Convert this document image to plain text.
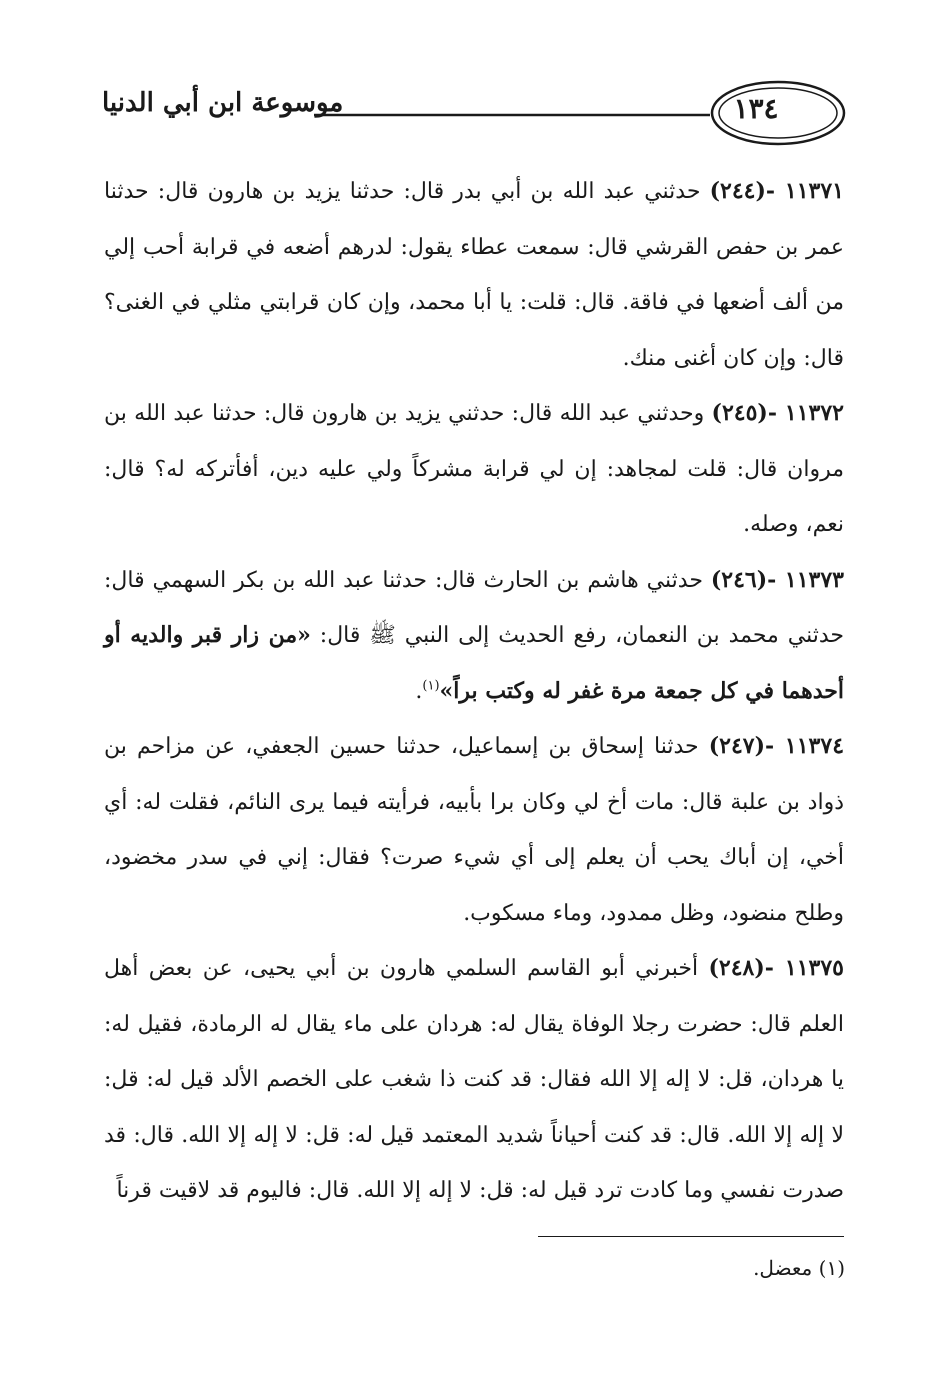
١٣٤
موسوعة ابن أبي الدنيا

١١٣٧١ -(٢٤٤) حدثني عبد الله بن أبي بدر قال: حدثنا يزيد بن هارون قال: حدثنا عمر بن حفص القرشي قال: سمعت عطاء يقول: لدرهم أضعه في قرابة أحب إلي من ألف أضعها في فاقة. قال: قلت: يا أبا محمد، وإن كان قرابتي مثلي في الغنى؟ قال: وإن كان أغنى منك.

١١٣٧٢ -(٢٤٥) وحدثني عبد الله قال: حدثني يزيد بن هارون قال: حدثنا عبد الله بن مروان قال: قلت لمجاهد: إن لي قرابة مشركاً ولي عليه دين، أفأتركه له؟ قال: نعم، وصله.

١١٣٧٣ -(٢٤٦) حدثني هاشم بن الحارث قال: حدثنا عبد الله بن بكر السهمي قال: حدثني محمد بن النعمان، رفع الحديث إلى النبي ﷺ قال: «من زار قبر والديه أو أحدهما في كل جمعة مرة غفر له وكتب براً»$^{(١)}$.

١١٣٧٤ -(٢٤٧) حدثنا إسحاق بن إسماعيل، حدثنا حسين الجعفي، عن مزاحم بن ذواد بن علبة قال: مات أخ لي وكان برا بأبيه، فرأيته فيما يرى النائم، فقلت له: أي أخي، إن أباك يحب أن يعلم إلى أي شيء صرت؟ فقال: إني في سدر مخضود، وطلح منضود، وظل ممدود، وماء مسكوب.

١١٣٧٥ -(٢٤٨) أخبرني أبو القاسم السلمي هارون بن أبي يحيى، عن بعض أهل العلم قال: حضرت رجلا الوفاة يقال له: هردان على ماء يقال له الرمادة، فقيل له: يا هردان، قل: لا إله إلا الله فقال: قد كنت ذا شغب على الخصم الألد قيل له: قل: لا إله إلا الله. قال: قد كنت أحياناً شديد المعتمد قيل له: قل: لا إله إلا الله. قال: قد صدرت نفسي وما كادت ترد قيل له: قل: لا إله إلا الله. قال: فاليوم قد لاقيت قرناً

(١) معضل.
